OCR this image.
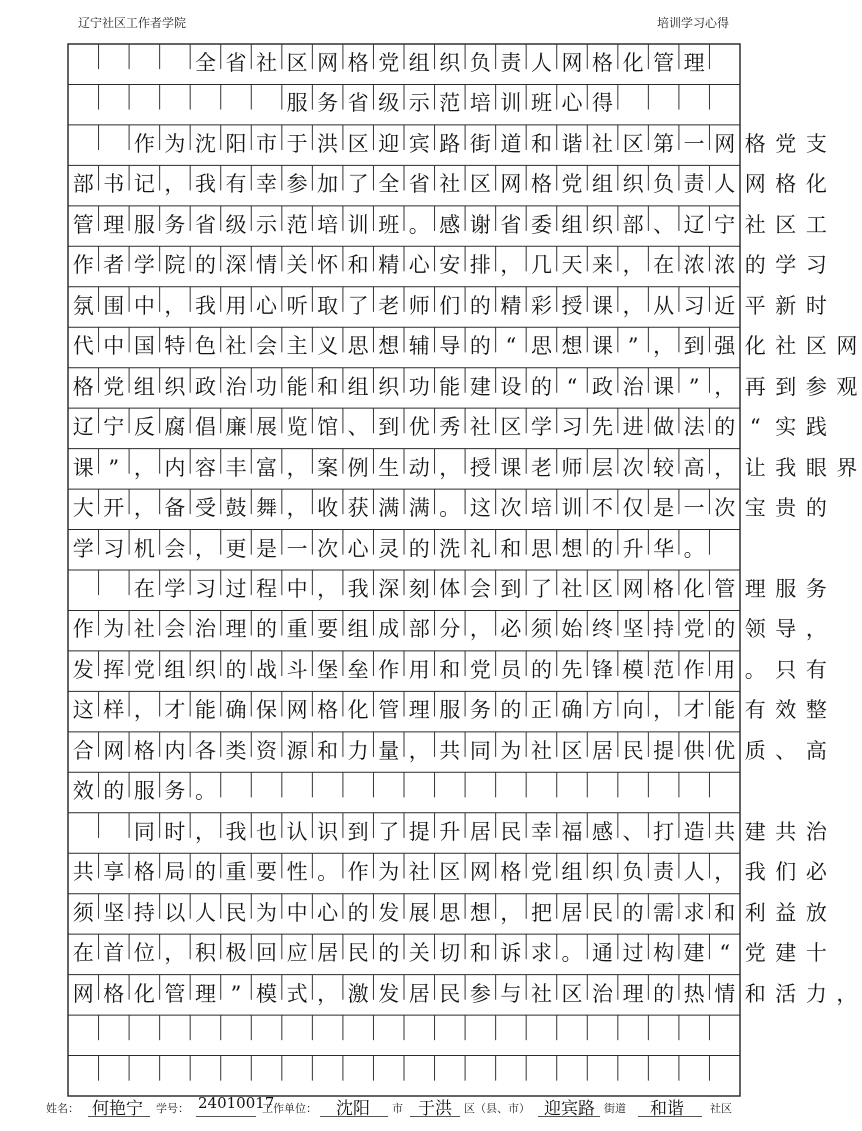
辽宁社区工作者学院	培训学习心得
全 省 社 区 网 格 党 组 织 负 责 人 网 格 化 管 理
服 务 省 级 示 范 培 训 班 心 得
作 为 沈 阳 市 于 洪 区 迎 宾 路 街 道 和 谐 社 区 第 一 网 格 党 支
部 书 记 ， 我 有 幸 参 加 了 全 省 社 区 网 格 党 组 织 负 责 人 网 格 化
管 理 服 务 省 级 示 范 培 训 班 。 感 谢 省 委 组 织 部 、 辽 宁 社 区 工
作 者 学 院 的 深 情 关 怀 和 精 心 安 排 ， 几 天 来 ， 在 浓 浓 的 学 习
氛 围 中 ， 我 用 心 听 取 了 老 师 们 的 精 彩 授 课 ， 从 习 近 平 新 时
代 中 国 特 色 社 会 主 义 思 想 辅 导 的 “ 思 想 课 ” ， 到 强 化 社 区 网
格 党 组 织 政 治 功 能 和 组 织 功 能 建 设 的 “ 政 治 课 ” ， 再 到 参 观
辽 宁 反 腐 倡 廉 展 览 馆 、 到 优 秀 社 区 学 习 先 进 做 法 的 “ 实 践
课 ” ， 内 容 丰 富 ， 案 例 生 动 ， 授 课 老 师 层 次 较 高 ， 让 我 眼 界
大 开 ， 备 受 鼓 舞 ， 收 获 满 满 。 这 次 培 训 不 仅 是 一 次 宝 贵 的
学 习 机 会 ， 更 是 一 次 心 灵 的 洗 礼 和 思 想 的 升 华 。
在 学 习 过 程 中 ， 我 深 刻 体 会 到 了 社 区 网 格 化 管 理 服 务
作 为 社 会 治 理 的 重 要 组 成 部 分 ， 必 须 始 终 坚 持 党 的 领 导 ，
发 挥 党 组 织 的 战 斗 堡 垒 作 用 和 党 员 的 先 锋 模 范 作 用 。 只 有
这 样 ， 才 能 确 保 网 格 化 管 理 服 务 的 正 确 方 向 ， 才 能 有 效 整
合 网 格 内 各 类 资 源 和 力 量 ， 共 同 为 社 区 居 民 提 供 优 质 、 高
效 的 服 务 。
同 时 ， 我 也 认 识 到 了 提 升 居 民 幸 福 感 、 打 造 共 建 共 治
共 享 格 局 的 重 要 性 。 作 为 社 区 网 格 党 组 织 负 责 人 ， 我 们 必
须 坚 持 以 人 民 为 中 心 的 发 展 思 想 ， 把 居 民 的 需 求 和 利 益 放
在 首 位 ， 积 极 回 应 居 民 的 关 切 和 诉 求 。 通 过 构 建 “ 党 建 十
网 格 化 管 理 ” 模 式 ， 激 发 居 民 参 与 社 区 治 理 的 热 情 和 活 力 ，
姓名： 何艳宁 学号： 24010017
工作单位： 沈阳 市 于洪 区（县、市） 迎宾路 街道 和谐 社区
